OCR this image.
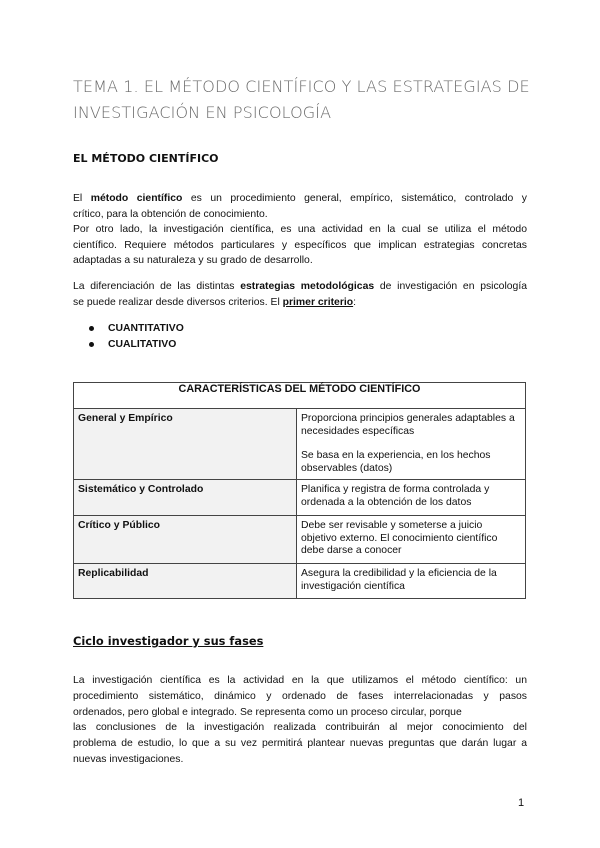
TEMA 1. EL MÉTODO CIENTÍFICO Y LAS ESTRATEGIAS DE
INVESTIGACIÓN EN PSICOLOGÍA
EL MÉTODO CIENTÍFICO
El método científico es un procedimiento general, empírico, sistemático, controlado y
crítico, para la obtención de conocimiento.
Por otro lado, la investigación científica, es una actividad en la cual se utiliza el método
científico. Requiere métodos particulares y específicos que implican estrategias concretas
adaptadas a su naturaleza y su grado de desarrollo.
La diferenciación de las distintas estrategias metodológicas de investigación en psicología
se puede realizar desde diversos criterios. El primer criterio:
CUANTITATIVO
CUALITATIVO
CARACTERÍSTICAS DEL MÉTODO CIENTÍFICO	
General y Empírico	Proporciona principios generales adaptables a necesidades específicas

Se basa en la experiencia, en los hechos observables (datos)

Sistemático y Controlado	Planifica y registra de forma controlada y ordenada a la obtención de los datos

Crítico y Público	Debe ser revisable y someterse a juicio objetivo externo. El conocimiento científico debe darse a conocer

Replicabilidad	Asegura la credibilidad y la eficiencia de la investigación científica

Ciclo investigador y sus fases
La investigación científica es la actividad en la que utilizamos el método científico: un
procedimiento sistemático, dinámico y ordenado de fases interrelacionadas y pasos
ordenados, pero global e integrado. Se representa como un proceso circular, porque
las conclusiones de la investigación realizada contribuirán al mejor conocimiento del
problema de estudio, lo que a su vez permitirá plantear nuevas preguntas que darán lugar a
nuevas investigaciones.
1
